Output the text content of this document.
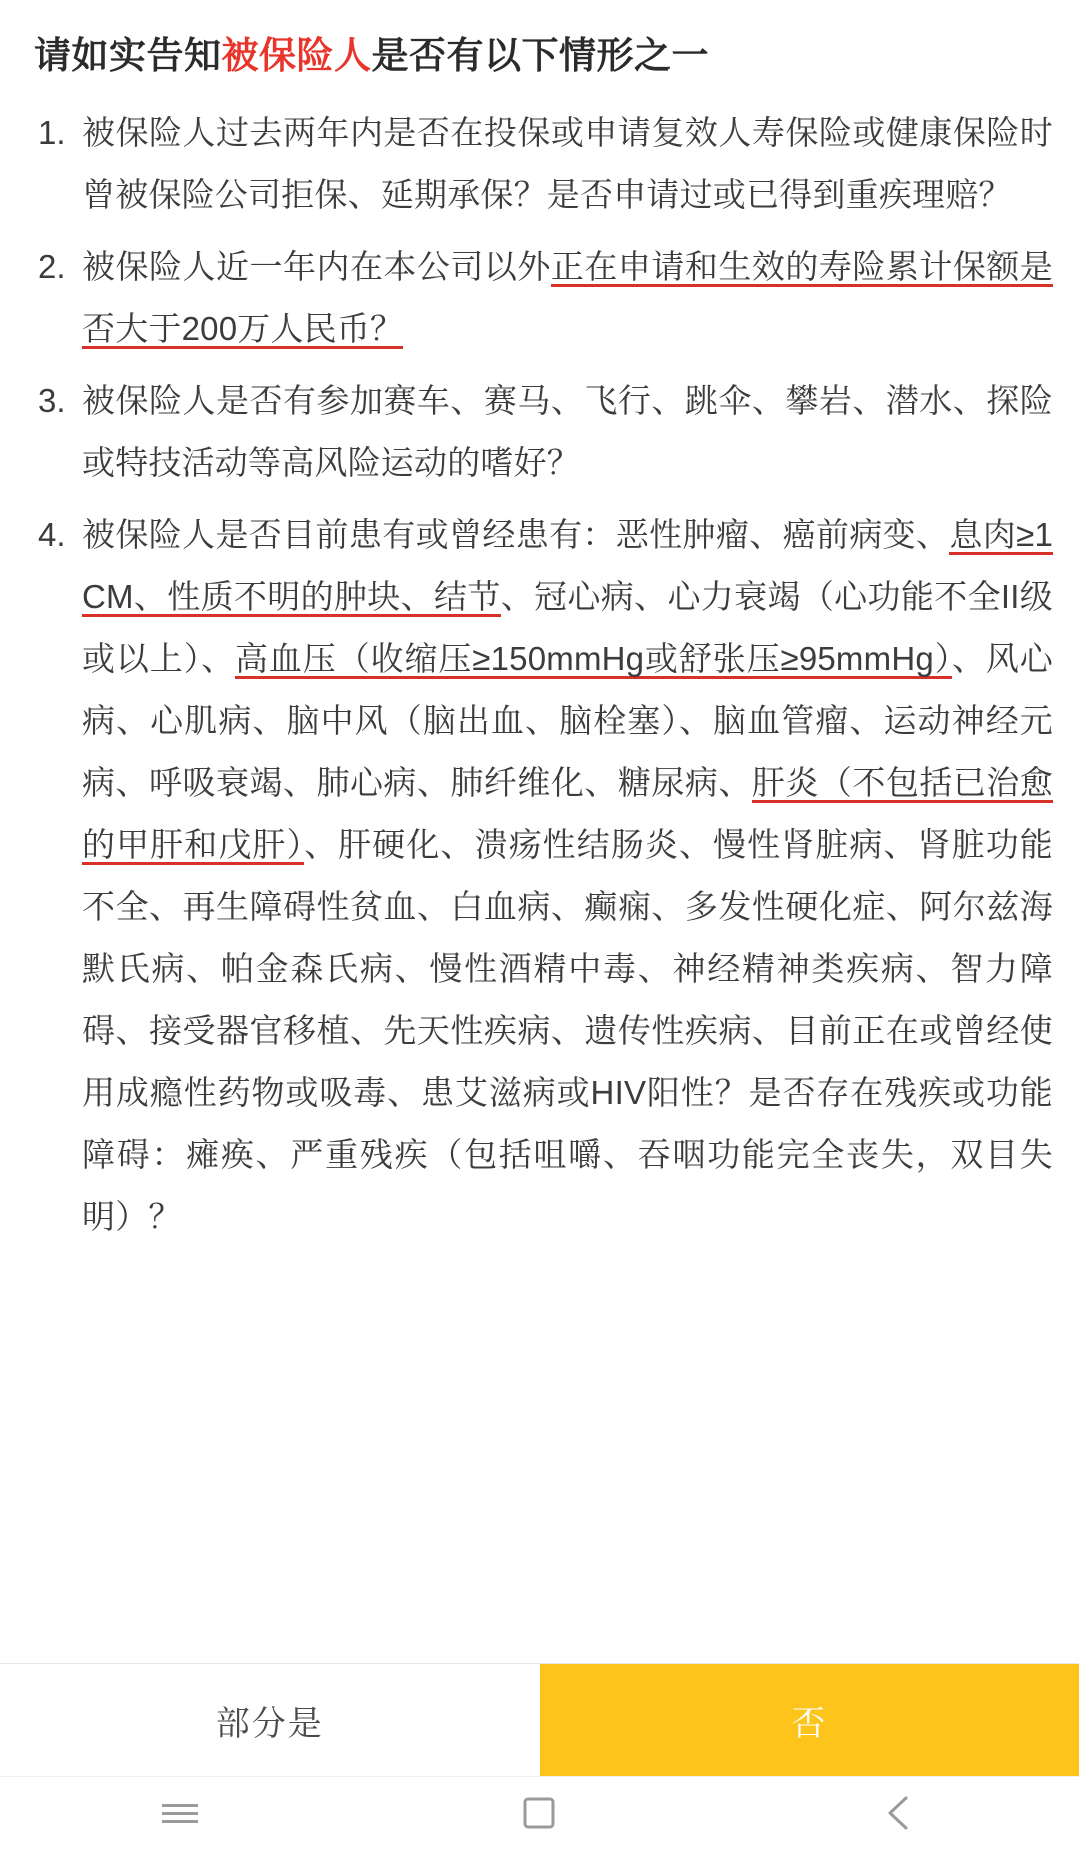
请如实告知被保险人是否有以下情形之一
1. 被保险人过去两年内是否在投保或申请复效人寿保险或健康保险时曾被保险公司拒保、延期承保？是否申请过或已得到重疾理赔？
2. 被保险人近一年内在本公司以外正在申请和生效的寿险累计保额是否大于200万人民币？
3. 被保险人是否有参加赛车、赛马、飞行、跳伞、攀岩、潜水、探险或特技活动等高风险运动的嗜好？
4. 被保险人是否目前患有或曾经患有：恶性肿瘤、癌前病变、息肉≥1CM、性质不明的肿块、结节、冠心病、心力衰竭（心功能不全II级或以上）、高血压（收缩压≥150mmHg或舒张压≥95mmHg）、风心病、心肌病、脑中风（脑出血、脑栓塞）、脑血管瘤、运动神经元病、呼吸衰竭、肺心病、肺纤维化、糖尿病、肝炎（不包括已治愈的甲肝和戊肝）、肝硬化、溃疡性结肠炎、慢性肾脏病、肾脏功能不全、再生障碍性贫血、白血病、癫痫、多发性硬化症、阿尔兹海默氏病、帕金森氏病、慢性酒精中毒、神经精神类疾病、智力障碍、接受器官移植、先天性疾病、遗传性疾病、目前正在或曾经使用成瘾性药物或吸毒、患艾滋病或HIV阳性？是否存在残疾或功能障碍：瘫痪、严重残疾（包括咀嚼、吞咽功能完全丧失，双目失明）？
部分是	否
